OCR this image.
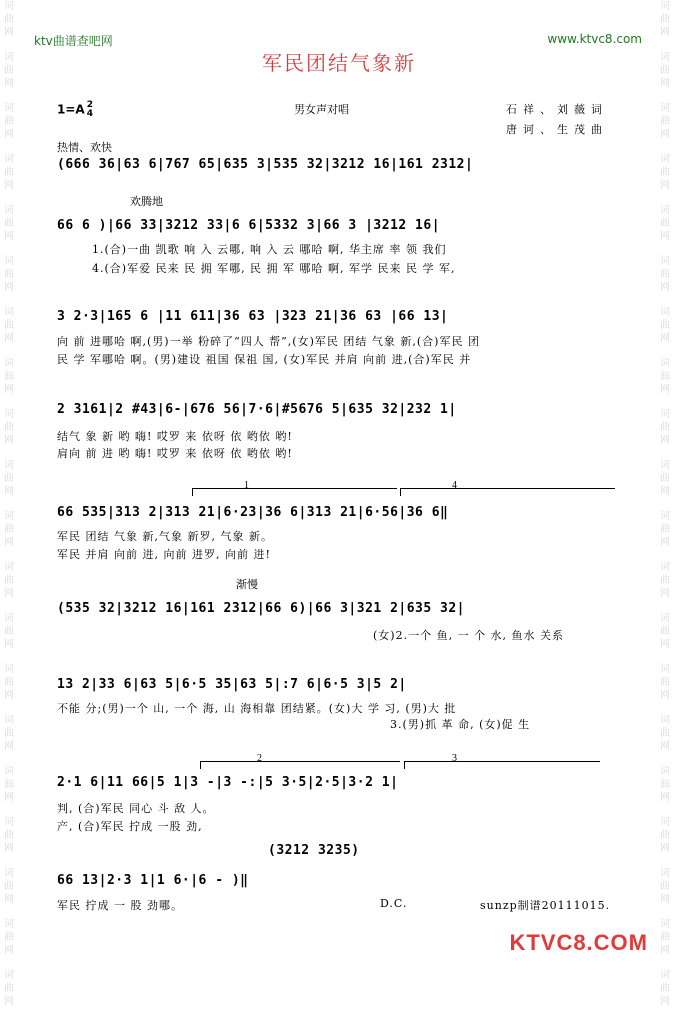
词曲网
词曲网
词曲网
词曲网
词曲网
词曲网
词曲网
词曲网
词曲网
词曲网
词曲网
词曲网
词曲网
词曲网
词曲网
词曲网
词曲网
词曲网
词曲网
词曲网
词曲网
词曲网
词曲网
词曲网
词曲网
词曲网
词曲网
词曲网
词曲网
词曲网
词曲网
词曲网
词曲网
词曲网
词曲网
词曲网
词曲网
词曲网
词曲网
词曲网
ktv曲谱查吧网	www.ktvc8.com
军民团结气象新
1=A 2
4	男女声对唱	石祥、刘薇词
唐诃、生茂曲
热情、欢快
(666 36|63 6|767 65|635 3|535 32|3212 16|161 2312|
欢腾地
66 6 )|66 33|3212 33|6 6|5332 3|66 3 |3212 16|
1.(合)一曲 凯歌 响 入 云哪, 响 入 云 哪哈 啊, 华主席 率 领 我们
4.(合)军爱 民来 民 拥 军哪, 民 拥 军 哪哈 啊, 军学 民来 民 学 军,
3 2·3|165 6 |11 611|36 63 |323 21|36 63 |66 13|
向 前 进哪哈 啊,(男)一举 粉碎了“四人 帮”,(女)军民 团结 气象 新,(合)军民 团
民 学 军哪哈 啊。(男)建设 祖国 保祖 国, (女)军民 并肩 向前 进,(合)军民 并
2 3161|2 #43|6-|676 56|7·6|#5676 5|635 32|232 1|
结气 象 新 哟 嗨! 哎罗 来 依呀 依 哟依 哟!
肩向 前 进 哟 嗨! 哎罗 来 依呀 依 哟依 哟!
1	4
66 535|313 2|313 21|6·23|36 6|313 21|6·56|36 6‖
军民 团结 气象 新,气象 新罗, 气象 新。
军民 并肩 向前 进, 向前 进罗, 向前 进!
渐慢
(535 32|3212 16|161 2312|66 6)|66 3|321 2|635 32|
(女)2.一个 鱼, 一 个 水, 鱼水 关系
13 2|33 6|63 5|6·5 35|63 5|:7 6|6·5 3|5 2|
不能 分;(男)一个 山, 一个 海, 山 海相靠 团结紧。(女)大 学 习, (男)大 批
3.(男)抓 革 命, (女)促 生
2	3
2·1 6|11 66|5 1|3 -|3 -:|5 3·5|2·5|3·2 1|
判, (合)军民 同心 斗 敌 人。
产, (合)军民 拧成 一股 劲,
(3212 3235)
66 13|2·3 1|1 6·|6 - )‖
军民 拧成 一 股 劲哪。	D.C.	sunzp制谱20111015.
KTVC8.COM
